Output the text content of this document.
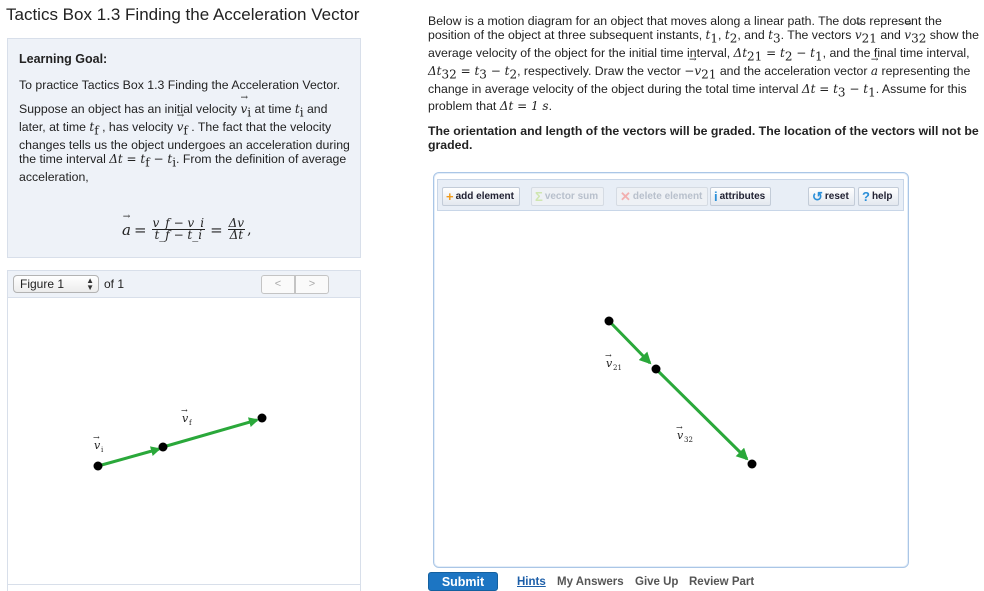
Tactics Box 1.3 Finding the Acceleration Vector
Learning Goal:
To practice Tactics Box 1.3 Finding the Acceleration Vector.
Suppose an object has an initial velocity → $v_i$ at time $t_i$ and later, at time $t_f$ , has velocity → $v_f$ . The fact that the velocity changes tells us the object undergoes an acceleration during the time interval $\Delta t = t_f - t_i$. From the definition of average acceleration,
→ $a = \frac{v\_f - v\_i}{t\_f - t\_i} = \frac{\Delta v}{\Delta t}$ ,
Figure 1	▲
▼ of 1	<	>
→
v i
→
v f
Below is a motion diagram for an object that moves along a linear path. The dots represent the position of the object at three subsequent instants, $t_1$, $t_2$, and $t_3$. The vectors → $v_{21}$ and → $v_{32}$ show the average velocity of the object for the initial time interval, $\Delta t_{21} = t_2 - t_1$, and the final time interval, $\Delta t_{32} = t_3 - t_2$, respectively. Draw the vector → $-v_{21}$ and the acceleration vector → a representing the change in average velocity of the object during the total time interval $\Delta t = t_3 - t_1$. Assume for this problem that Δt = 1 s.
The orientation and length of the vectors will be graded. The location of the vectors will not be graded.
+ add element	Σ vector sum	✕ delete element i attributes	↺ reset	? help
→
v 21
→
v 32
Submit	Hints My Answers Give Up Review Part
